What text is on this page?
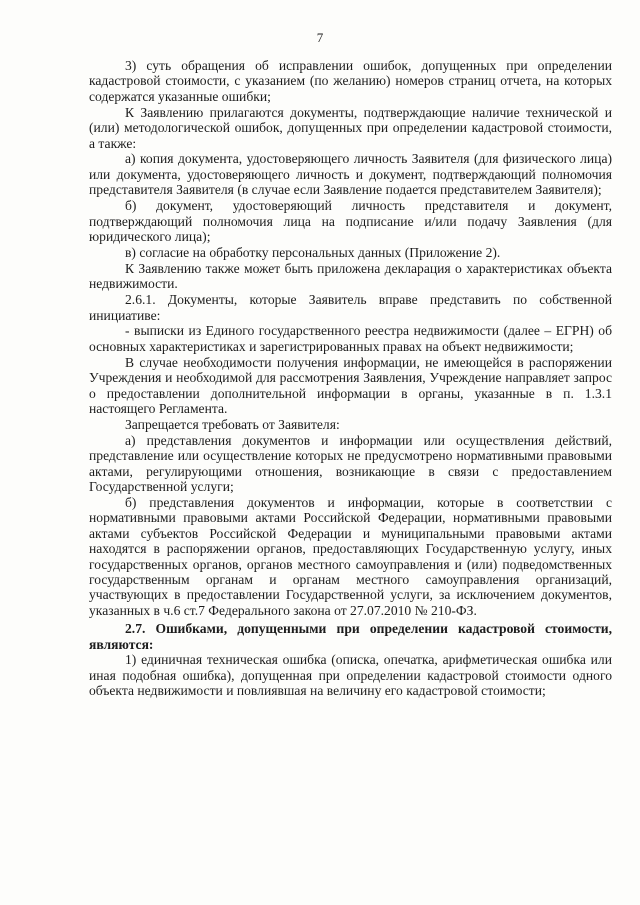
7

3) суть обращения об исправлении ошибок, допущенных при определении кадастровой стоимости, с указанием (по желанию) номеров страниц отчета, на которых содержатся указанные ошибки;

К Заявлению прилагаются документы, подтверждающие наличие технической и (или) методологической ошибок, допущенных при определении кадастровой стоимости, а также:

а) копия документа, удостоверяющего личность Заявителя (для физического лица) или документа, удостоверяющего личность и документ, подтверждающий полномочия представителя Заявителя (в случае если Заявление подается представителем Заявителя);

б) документ, удостоверяющий личность представителя и документ, подтверждающий полномочия лица на подписание и/или подачу Заявления (для юридического лица);

в) согласие на обработку персональных данных (Приложение 2).

К Заявлению также может быть приложена декларация о характеристиках объекта недвижимости.

2.6.1. Документы, которые Заявитель вправе представить по собственной инициативе:

- выписки из Единого государственного реестра недвижимости (далее – ЕГРН) об основных характеристиках и зарегистрированных правах на объект недвижимости;

В случае необходимости получения информации, не имеющейся в распоряжении Учреждения и необходимой для рассмотрения Заявления, Учреждение направляет запрос о предоставлении дополнительной информации в органы, указанные в п. 1.3.1 настоящего Регламента.

Запрещается требовать от Заявителя:

а) представления документов и информации или осуществления действий, представление или осуществление которых не предусмотрено нормативными правовыми актами, регулирующими отношения, возникающие в связи с предоставлением Государственной услуги;

б) представления документов и информации, которые в соответствии с нормативными правовыми актами Российской Федерации, нормативными правовыми актами субъектов Российской Федерации и муниципальными правовыми актами находятся в распоряжении органов, предоставляющих Государственную услугу, иных государственных органов, органов местного самоуправления и (или) подведомственных государственным органам и органам местного самоуправления организаций, участвующих в предоставлении Государственной услуги, за исключением документов, указанных в ч.6 ст.7 Федерального закона от 27.07.2010 № 210-ФЗ.

2.7. Ошибками, допущенными при определении кадастровой стоимости, являются:

1) единичная техническая ошибка (описка, опечатка, арифметическая ошибка или иная подобная ошибка), допущенная при определении кадастровой стоимости одного объекта недвижимости и повлиявшая на величину его кадастровой стоимости;
